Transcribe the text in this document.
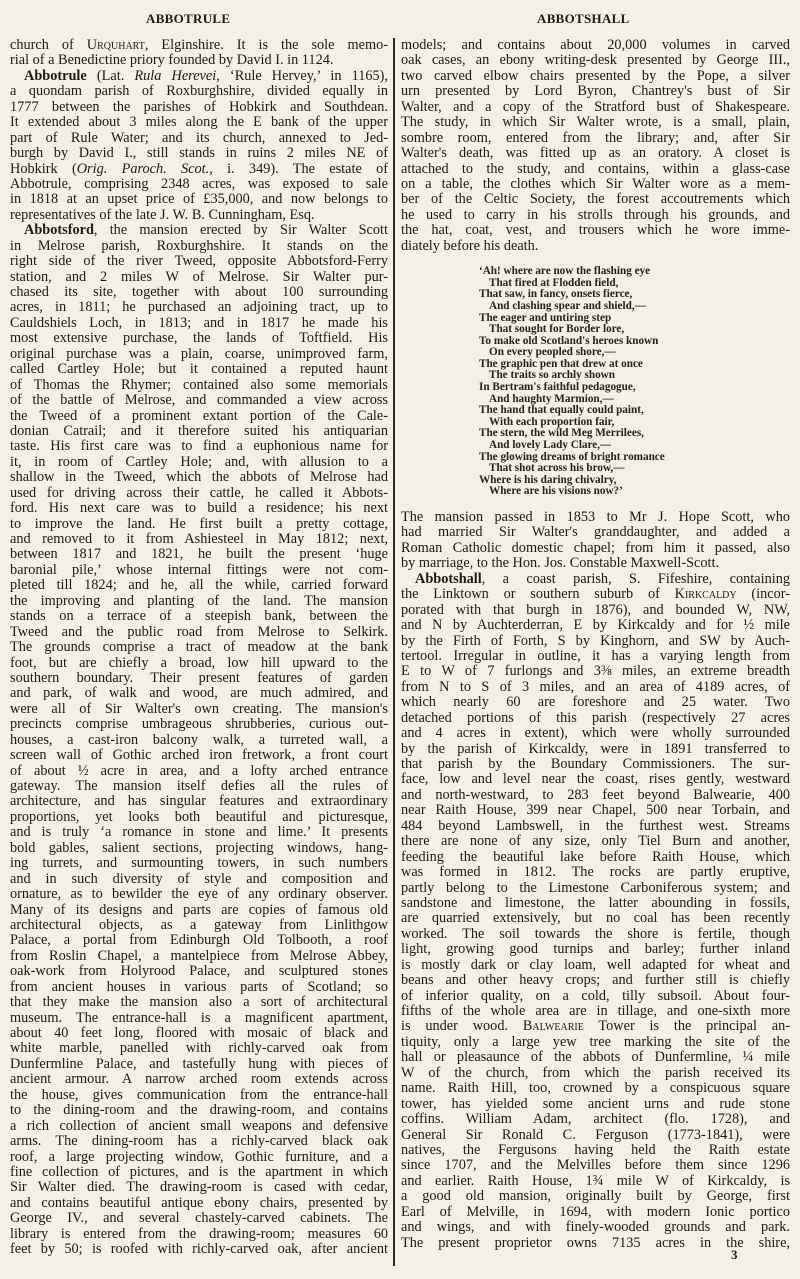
ABBOTRULE	ABBOTSHALL
church of Urquhart, Elginshire. It is the sole memo-
rial of a Benedictine priory founded by David I. in 1124.
Abbotrule (Lat. Rula Herevei, ‘Rule Hervey,’ in 1165),
a quondam parish of Roxburghshire, divided equally in
1777 between the parishes of Hobkirk and Southdean.
It extended about 3 miles along the E bank of the upper
part of Rule Water; and its church, annexed to Jed-
burgh by David I., still stands in ruins 2 miles NE of
Hobkirk (Orig. Paroch. Scot., i. 349). The estate of
Abbotrule, comprising 2348 acres, was exposed to sale
in 1818 at an upset price of £35,000, and now belongs to
representatives of the late J. W. B. Cunningham, Esq.
Abbotsford, the mansion erected by Sir Walter Scott
in Melrose parish, Roxburghshire. It stands on the
right side of the river Tweed, opposite Abbotsford-Ferry
station, and 2 miles W of Melrose. Sir Walter pur-
chased its site, together with about 100 surrounding
acres, in 1811; he purchased an adjoining tract, up to
Cauldshiels Loch, in 1813; and in 1817 he made his
most extensive purchase, the lands of Toftfield. His
original purchase was a plain, coarse, unimproved farm,
called Cartley Hole; but it contained a reputed haunt
of Thomas the Rhymer; contained also some memorials
of the battle of Melrose, and commanded a view across
the Tweed of a prominent extant portion of the Cale-
donian Catrail; and it therefore suited his antiquarian
taste. His first care was to find a euphonious name for
it, in room of Cartley Hole; and, with allusion to a
shallow in the Tweed, which the abbots of Melrose had
used for driving across their cattle, he called it Abbots-
ford. His next care was to build a residence; his next
to improve the land. He first built a pretty cottage,
and removed to it from Ashiesteel in May 1812; next,
between 1817 and 1821, he built the present ‘huge
baronial pile,’ whose internal fittings were not com-
pleted till 1824; and he, all the while, carried forward
the improving and planting of the land. The mansion
stands on a terrace of a steepish bank, between the
Tweed and the public road from Melrose to Selkirk.
The grounds comprise a tract of meadow at the bank
foot, but are chiefly a broad, low hill upward to the
southern boundary. Their present features of garden
and park, of walk and wood, are much admired, and
were all of Sir Walter's own creating. The mansion's
precincts comprise umbrageous shrubberies, curious out-
houses, a cast-iron balcony walk, a turreted wall, a
screen wall of Gothic arched iron fretwork, a front court
of about ½ acre in area, and a lofty arched entrance
gateway. The mansion itself defies all the rules of
architecture, and has singular features and extraordinary
proportions, yet looks both beautiful and picturesque,
and is truly ‘a romance in stone and lime.’ It presents
bold gables, salient sections, projecting windows, hang-
ing turrets, and surmounting towers, in such numbers
and in such diversity of style and composition and
ornature, as to bewilder the eye of any ordinary observer.
Many of its designs and parts are copies of famous old
architectural objects, as a gateway from Linlithgow
Palace, a portal from Edinburgh Old Tolbooth, a roof
from Roslin Chapel, a mantelpiece from Melrose Abbey,
oak-work from Holyrood Palace, and sculptured stones
from ancient houses in various parts of Scotland; so
that they make the mansion also a sort of architectural
museum. The entrance-hall is a magnificent apartment,
about 40 feet long, floored with mosaic of black and
white marble, panelled with richly-carved oak from
Dunfermline Palace, and tastefully hung with pieces of
ancient armour. A narrow arched room extends across
the house, gives communication from the entrance-hall
to the dining-room and the drawing-room, and contains
a rich collection of ancient small weapons and defensive
arms. The dining-room has a richly-carved black oak
roof, a large projecting window, Gothic furniture, and a
fine collection of pictures, and is the apartment in which
Sir Walter died. The drawing-room is cased with cedar,
and contains beautiful antique ebony chairs, presented by
George IV., and several chastely-carved cabinets. The
library is entered from the drawing-room; measures 60
feet by 50; is roofed with richly-carved oak, after ancient
models; and contains about 20,000 volumes in carved
oak cases, an ebony writing-desk presented by George III.,
two carved elbow chairs presented by the Pope, a silver
urn presented by Lord Byron, Chantrey's bust of Sir
Walter, and a copy of the Stratford bust of Shakespeare.
The study, in which Sir Walter wrote, is a small, plain,
sombre room, entered from the library; and, after Sir
Walter's death, was fitted up as an oratory. A closet is
attached to the study, and contains, within a glass-case
on a table, the clothes which Sir Walter wore as a mem-
ber of the Celtic Society, the forest accoutrements which
he used to carry in his strolls through his grounds, and
the hat, coat, vest, and trousers which he wore imme-
diately before his death.
‘Ah! where are now the flashing eye
That fired at Flodden field,
That saw, in fancy, onsets fierce,
And clashing spear and shield,—
The eager and untiring step
That sought for Border lore,
To make old Scotland's heroes known
On every peopled shore,—
The graphic pen that drew at once
The traits so archly shown
In Bertram's faithful pedagogue,
And haughty Marmion,—
The hand that equally could paint,
With each proportion fair,
The stern, the wild Meg Merrilees,
And lovely Lady Clare,—
The glowing dreams of bright romance
That shot across his brow,—
Where is his daring chivalry,
Where are his visions now?’
The mansion passed in 1853 to Mr J. Hope Scott, who
had married Sir Walter's granddaughter, and added a
Roman Catholic domestic chapel; from him it passed, also
by marriage, to the Hon. Jos. Constable Maxwell-Scott.
Abbotshall, a coast parish, S. Fifeshire, containing
the Linktown or southern suburb of Kirkcaldy (incor-
porated with that burgh in 1876), and bounded W, NW,
and N by Auchterderran, E by Kirkcaldy and for ½ mile
by the Firth of Forth, S by Kinghorn, and SW by Auch-
tertool. Irregular in outline, it has a varying length from
E to W of 7 furlongs and 3⅜ miles, an extreme breadth
from N to S of 3 miles, and an area of 4189 acres, of
which nearly 60 are foreshore and 25 water. Two
detached portions of this parish (respectively 27 acres
and 4 acres in extent), which were wholly surrounded
by the parish of Kirkcaldy, were in 1891 transferred to
that parish by the Boundary Commissioners. The sur-
face, low and level near the coast, rises gently, westward
and north-westward, to 283 feet beyond Balwearie, 400
near Raith House, 399 near Chapel, 500 near Torbain, and
484 beyond Lambswell, in the furthest west. Streams
there are none of any size, only Tiel Burn and another,
feeding the beautiful lake before Raith House, which
was formed in 1812. The rocks are partly eruptive,
partly belong to the Limestone Carboniferous system; and
sandstone and limestone, the latter abounding in fossils,
are quarried extensively, but no coal has been recently
worked. The soil towards the shore is fertile, though
light, growing good turnips and barley; further inland
is mostly dark or clay loam, well adapted for wheat and
beans and other heavy crops; and further still is chiefly
of inferior quality, on a cold, tilly subsoil. About four-
fifths of the whole area are in tillage, and one-sixth more
is under wood. Balwearie Tower is the principal an-
tiquity, only a large yew tree marking the site of the
hall or pleasaunce of the abbots of Dunfermline, ¼ mile
W of the church, from which the parish received its
name. Raith Hill, too, crowned by a conspicuous square
tower, has yielded some ancient urns and rude stone
coffins. William Adam, architect (flo. 1728), and
General Sir Ronald C. Ferguson (1773-1841), were
natives, the Fergusons having held the Raith estate
since 1707, and the Melvilles before them since 1296
and earlier. Raith House, 1¾ mile W of Kirkcaldy, is
a good old mansion, originally built by George, first
Earl of Melville, in 1694, with modern Ionic portico
and wings, and with finely-wooded grounds and park.
The present proprietor owns 7135 acres in the shire,
3
